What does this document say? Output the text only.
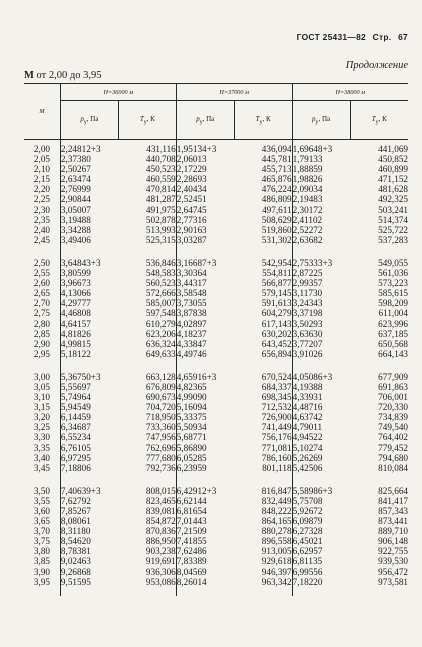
ГОСТ 25431—82 Стр. 67
Продолжение
М от 2,00 до 3,95
М	H=36000 м		H=37000 м		H=38000 м	
	$p_у$, Па	$T_у$, К	$p_у$, Па	$T_у$, К	$p_у$, Па	$T_у$, К
2,00	2,24812+3	431,116	1,95134+3	436,094	1,69648+3	441,069
2,05	2,37380	440,708	2,06013	445,781	1,79133	450,852
2,10	2,50267	450,523	2,17229	455,713	1,88859	460,899
2,15	2,63474	460,559	2,28693	465,876	1,98826	471,152
2,20	2,76999	470,814	2,40434	476,224	2,09034	481,628
2,25	2,90844	481,287	2,52451	486,809	2,19483	492,325
2,30	3,05007	491,975	2,64745	497,611	2,30172	503,241
2,35	3,19488	502,878	2,77316	508,629	2,41102	514,374
2,40	3,34288	513,993	2,90163	519,860	2,52272	525,722
2,45	3,49406	525,315	3,03287	531,302	2,63682	537,283
2,50	3,64843+3	536,846	3,16687+3	542,954	2,75333+3	549,055
2,55	3,80599	548,583	3,30364	554,811	2,87225	561,036
2,60	3,96673	560,523	3,44317	566,877	2,99357	573,223
2,65	4,13066	572,666	3,58548	579,145	3,11730	585,615
2,70	4,29777	585,007	3,73055	591,613	3,24343	598,209
2,75	4,46808	597,548	3,87838	604,279	3,37198	611,004
2,80	4,64157	610,279	4,02897	617,143	3,50293	623,996
2,85	4,81826	623,206	4,18237	630,202	3,63630	637,185
2,90	4,99815	636,324	4,33847	643,452	3,77207	650,568
2,95	5,18122	649,633	4,49746	656,894	3,91026	664,143
3,00	5,36750+3	663,128	4,65916+3	670,524	4,05086+3	677,909
3,05	5,55697	676,809	4,82365	684,337	4,19388	691,863
3,10	5,74964	690,673	4,99090	698,345	4,33931	706,001
3,15	5,94549	704,720	5,16094	712,532	4,48716	720,330
3,20	6,14459	718,950	5,33375	726,900	4,63742	734,839
3,25	6,34687	733,360	5,50934	741,449	4,79011	749,540
3,30	6,55234	747,956	5,68771	756,176	4,94522	764,402
3,35	6,76105	762,696	5,86890	771,081	5,10274	779,452
3,40	6,97295	777,680	6,05285	786,160	5,26269	794,680
3,45	7,18806	792,736	6,23959	801,118	5,42506	810,084
3,50	7,40639+3	808,015	6,42912+3	816,847	5,58986+3	825,664
3,55	7,62792	823,465	6,62144	832,449	5,75708	841,417
3,60	7,85267	839,081	6,81654	848,222	5,92672	857,343
3,65	8,08061	854,872	7,01443	864,165	6,09879	873,441
3,70	8,31180	870,836	7,21509	880,278	6,27328	889,710
3,75	8,54620	886,950	7,41855	896,558	6,45021	906,148
3,80	8,78381	903,238	7,62486	913,005	6,62957	922,755
3,85	9,02463	919,691	7,83389	929,618	6,81135	939,530
3,90	9,26868	936,306	8,04569	946,397	6,99556	956,472
3,95	9,51595	953,086	8,26014	963,342	7,18220	973,581
